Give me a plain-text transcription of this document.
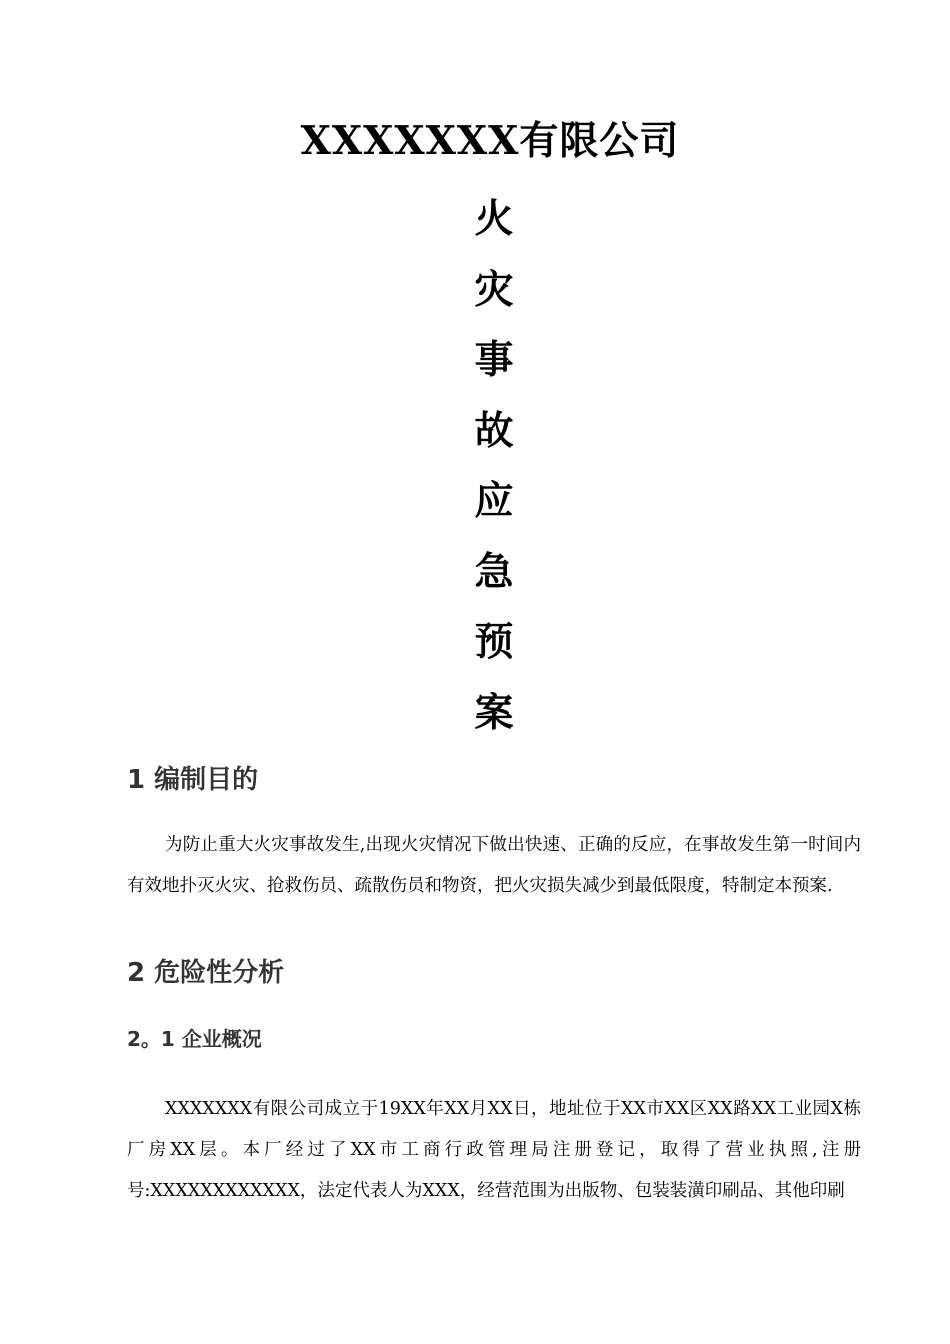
XXXXXXX有限公司
火
灾
事
故
应
急
预
案
1 编制目的

为防止重大火灾事故发生,出现火灾情况下做出快速、正确的反应，在事故发生第一时间内有效地扑灭火灾、抢救伤员、疏散伤员和物资，把火灾损失减少到最低限度，特制定本预案.

2 危险性分析
2。1 企业概况

XXXXXXX有限公司成立于19XX年XX月XX日，地址位于XX市XX区XX路XX工业园X栋厂房XX层。本厂经过了XX市工商行政管理局注册登记，取得了营业执照,注册号:XXXXXXXXXXXX，法定代表人为XXX，经营范围为出版物、包装装潢印刷品、其他印刷
